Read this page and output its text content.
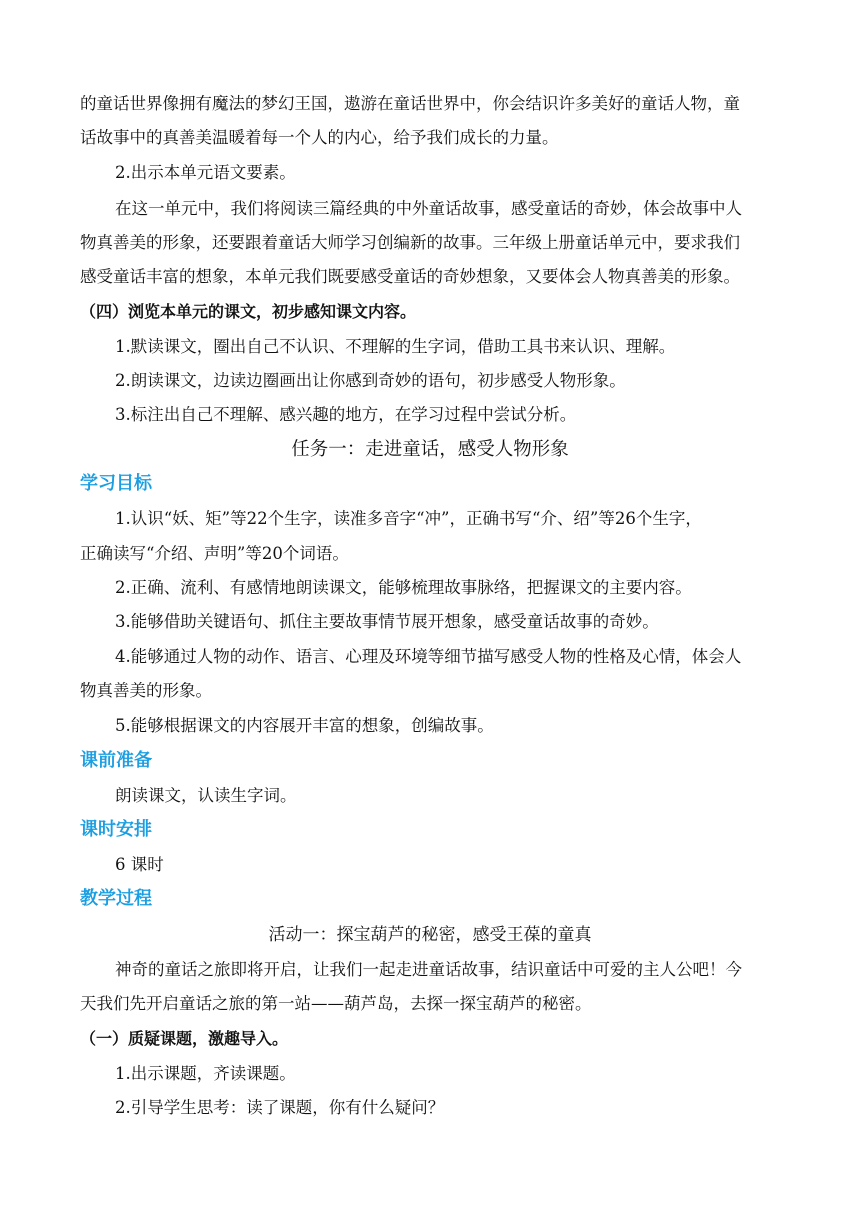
的童话世界像拥有魔法的梦幻王国，遨游在童话世界中，你会结识许多美好的童话人物，童
话故事中的真善美温暖着每一个人的内心，给予我们成长的力量。
2.出示本单元语文要素。
在这一单元中，我们将阅读三篇经典的中外童话故事，感受童话的奇妙，体会故事中人
物真善美的形象，还要跟着童话大师学习创编新的故事。三年级上册童话单元中，要求我们
感受童话丰富的想象，本单元我们既要感受童话的奇妙想象，又要体会人物真善美的形象。
（四）浏览本单元的课文，初步感知课文内容。
1.默读课文，圈出自己不认识、不理解的生字词，借助工具书来认识、理解。
2.朗读课文，边读边圈画出让你感到奇妙的语句，初步感受人物形象。
3.标注出自己不理解、感兴趣的地方，在学习过程中尝试分析。
任务一：走进童话，感受人物形象
学习目标
1.认识“妖、矩”等22个生字，读准多音字“冲”，正确书写“介、绍”等26个生字，
正确读写“介绍、声明”等20个词语。
2.正确、流利、有感情地朗读课文，能够梳理故事脉络，把握课文的主要内容。
3.能够借助关键语句、抓住主要故事情节展开想象，感受童话故事的奇妙。
4.能够通过人物的动作、语言、心理及环境等细节描写感受人物的性格及心情，体会人
物真善美的形象。
5.能够根据课文的内容展开丰富的想象，创编故事。
课前准备
朗读课文，认读生字词。
课时安排
6 课时
教学过程
活动一：探宝葫芦的秘密，感受王葆的童真
神奇的童话之旅即将开启，让我们一起走进童话故事，结识童话中可爱的主人公吧！今
天我们先开启童话之旅的第一站——葫芦岛，去探一探宝葫芦的秘密。
（一）质疑课题，激趣导入。
1.出示课题，齐读课题。
2.引导学生思考：读了课题，你有什么疑问？
